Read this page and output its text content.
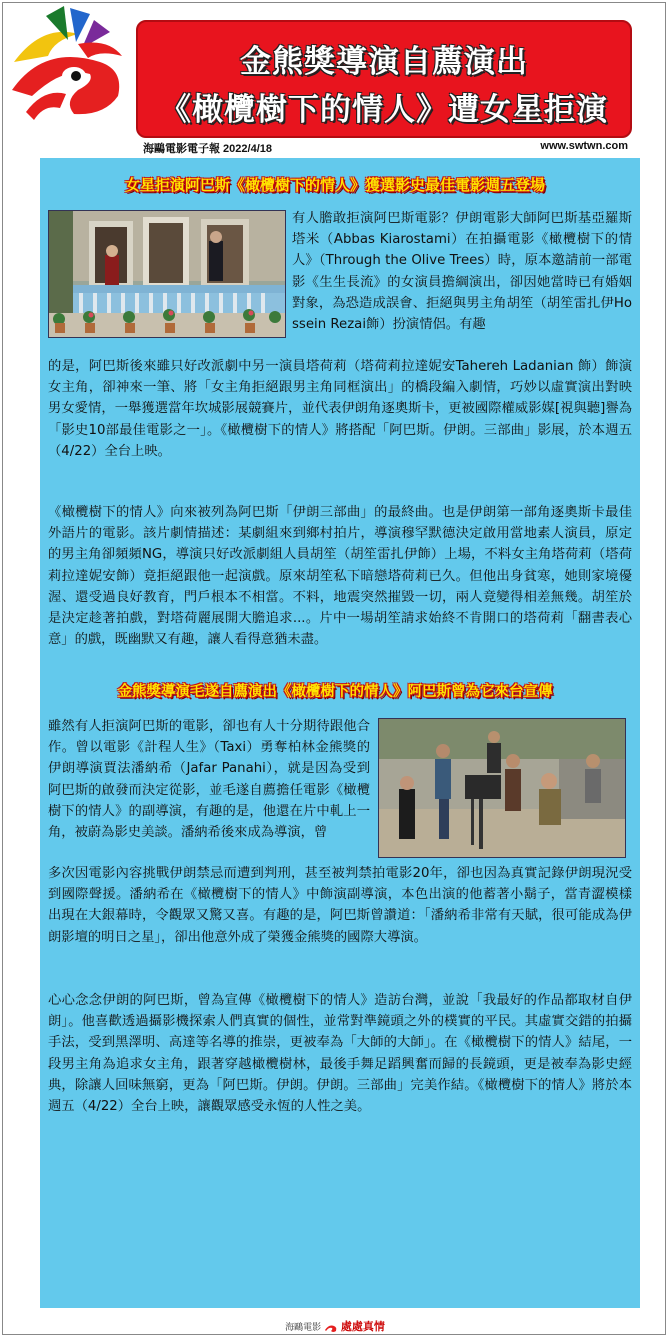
金熊獎導演自薦演出
《橄欖樹下的情人》遭女星拒演
海鷗電影電子報 2022/4/18	www.swtwn.com
女星拒演阿巴斯《橄欖樹下的情人》獲選影史最佳電影週五登場
有人膽敢拒演阿巴斯電影？伊朗電影大師阿巴斯基亞羅斯塔米（Abbas Kiarostami）在拍攝電影《橄欖樹下的情人》（Through the Olive Trees）時，原本邀請前一部電影《生生長流》的女演員擔綱演出，卻因她當時已有婚姻對象，為恐造成誤會、拒絕與男主角胡笙（胡笙雷扎伊Hossein Rezai飾）扮演情侶。有趣
的是，阿巴斯後來雖只好改派劇中另一演員塔荷莉（塔荷莉拉達妮安Tahereh Ladanian 飾）飾演女主角，卻神來一筆、將「女主角拒絕跟男主角同框演出」的橋段編入劇情，巧妙以虛實演出對映男女愛情，一舉獲選當年坎城影展競賽片，並代表伊朗角逐奧斯卡，更被國際權威影媒[視與聽]譽為「影史10部最佳電影之一」。《橄欖樹下的情人》將搭配「阿巴斯。伊朗。三部曲」影展，於本週五（4/22）全台上映。
《橄欖樹下的情人》向來被列為阿巴斯「伊朗三部曲」的最終曲。也是伊朗第一部角逐奧斯卡最佳外語片的電影。該片劇情描述：某劇組來到鄉村拍片，導演穆罕默德決定啟用當地素人演員，原定的男主角卻頻頻NG，導演只好改派劇組人員胡笙（胡笙雷扎伊飾）上場，不料女主角塔荷莉（塔荷莉拉達妮安飾）竟拒絕跟他一起演戲。原來胡笙私下暗戀塔荷莉已久。但他出身貧寒，她則家境優渥、還受過良好教育，門戶根本不相當。不料，地震突然摧毀一切，兩人竟變得相差無幾。胡笙於是決定趁著拍戲，對塔荷麗展開大膽追求...。片中一場胡笙請求始終不肯開口的塔荷莉「翻書表心意」的戲，既幽默又有趣，讓人看得意猶未盡。
金熊獎導演毛遂自薦演出《橄欖樹下的情人》阿巴斯曾為它來台宣傳
雖然有人拒演阿巴斯的電影，卻也有人十分期待跟他合作。曾以電影《計程人生》（Taxi）勇奪柏林金熊獎的伊朗導演賈法潘納希（Jafar Panahi），就是因為受到阿巴斯的啟發而決定從影，並毛遂自薦擔任電影《橄欖樹下的情人》的副導演，有趣的是，他還在片中軋上一角，被蔚為影史美談。潘納希後來成為導演，曾
多次因電影內容挑戰伊朗禁忌而遭到判刑，甚至被判禁拍電影20年，卻也因為真實記錄伊朗現況受到國際聲援。潘納希在《橄欖樹下的情人》中飾演副導演，本色出演的他蓄著小鬍子，當青澀模樣出現在大銀幕時，令觀眾又驚又喜。有趣的是，阿巴斯曾讚道：「潘納希非常有天賦，很可能成為伊朗影壇的明日之星」，卻出他意外成了榮獲金熊獎的國際大導演。
心心念念伊朗的阿巴斯，曾為宣傳《橄欖樹下的情人》造訪台灣，並說「我最好的作品都取材自伊朗」。他喜歡透過攝影機探索人們真實的個性，並常對準鏡頭之外的樸實的平民。其虛實交錯的拍攝手法，受到黑澤明、高達等名導的推崇，更被奉為「大師的大師」。在《橄欖樹下的情人》結尾，一段男主角為追求女主角，跟著穿越橄欖樹林，最後手舞足蹈興奮而歸的長鏡頭，更是被奉為影史經典，除讓人回味無窮，更為「阿巴斯。伊朗。伊朗。三部曲」完美作結。《橄欖樹下的情人》將於本週五（4/22）全台上映，讓觀眾感受永恆的人性之美。
海鷗電影 處處真情
